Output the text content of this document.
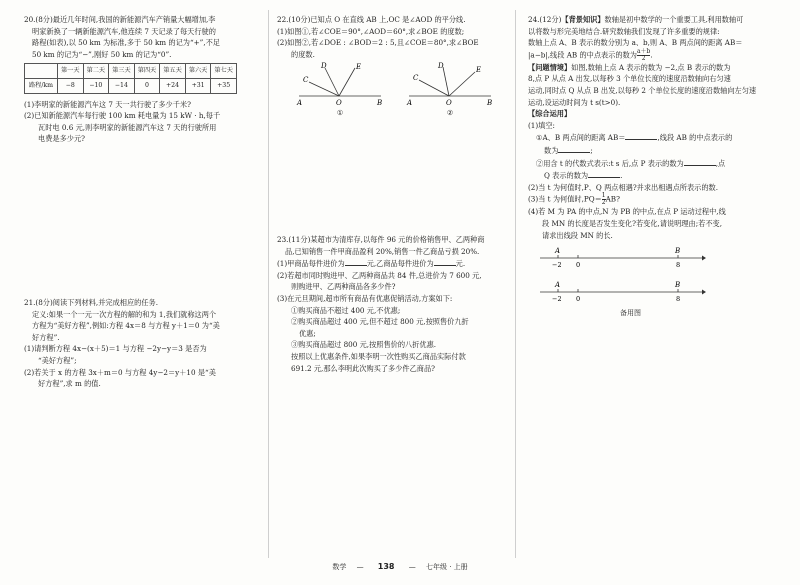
20.(8分)最近几年时间,我国的新能源汽车产销量大幅增加,李

明家新换了一辆新能源汽车,他连续 7 天记录了每天行驶的

路程(如表),以 50 km 为标准,多于 50 km 的记为“+”,不足

50 km 的记为“−”,刚好 50 km 的记为“0”.

	第一天	第二天	第三天	第四天	第五天	第六天	第七天
路程/km	−8	−10	−14	0	+24	+31	+35

(1)李明家的新能源汽车这 7 天一共行驶了多少千米?

(2)已知新能源汽车每行驶 100 km 耗电量为 15 kW · h,每千

瓦时电 0.6 元,则李明家的新能源汽车这 7 天的行驶所用

电费是多少元?

21.(8分)阅读下列材料,并完成相应的任务.

定义:如果一个一元一次方程的解的和为 1,我们就称这两个

方程为“美好方程”,例如:方程 4x＝8 与方程 y＋1＝0 为“美

好方程”.

(1)请判断方程 4x−(x＋5)＝1 与方程 −2y−y＝3 是否为

“美好方程”;

(2)若关于 x 的方程 3x＋m＝0 与方程 4y−2＝y＋10 是“美

好方程”,求 m 的值.

22.(10分)已知点 O 在直线 AB 上,OC 是∠AOD 的平分线.

(1)如图①,若∠COE＝90°,∠AOD＝60°,求∠BOE 的度数;

(2)如图②,若∠DOE : ∠BOD＝2 : 5,且∠COE＝80°,求∠BOE

的度数.

A	B
C
D	E
O
①
A	B
C
D	E
O
②

23.(11分)某超市为清库存,以每件 96 元的价格销售甲、乙两种商

品,已知销售一件甲商品盈利 20%,销售一件乙商品亏损 20%.

(1)甲商品每件进价为	元,乙商品每件进价为	元.

(2)若超市同时购进甲、乙两种商品共 84 件,总进价为 7 600 元,

则购进甲、乙两种商品各多少件?

(3)在元旦期间,超市所有商品有优惠促销活动,方案如下:

①购买商品不超过 400 元,不优惠;

②购买商品超过 400 元,但不超过 800 元,按照售价九折

优惠;

③购买商品超过 800 元,按照售价的八折优惠.

按照以上优惠条件,如果李明一次性购买乙商品实际付款

691.2 元,那么李明此次购买了多少件乙商品?

24.(12分)【背景知识】数轴是初中数学的一个重要工具,利用数轴可

以将数与形完美地结合.研究数轴我们发现了许多重要的规律:

数轴上点 A、B 表示的数分别为 a、b,则 A、B 两点间的距离 AB＝

|a−b|,线段 AB 的中点表示的数为 $\frac{a+b}{2}$ .

【问题情境】如图,数轴上点 A 表示的数为 −2,点 B 表示的数为

8,点 P 从点 A 出发,以每秒 3 个单位长度的速度沿数轴向右匀速

运动,同时点 Q 从点 B 出发,以每秒 2 个单位长度的速度沿数轴向左匀速

运动,设运动时间为 t s(t>0).

【综合运用】

(1)填空:

①A、B 两点间的距离 AB＝	,线段 AB 的中点表示的

数为	;

②用含 t 的代数式表示:t s 后,点 P 表示的数为	,点

Q 表示的数为	.

(2)当 t 为何值时,P、Q 两点相遇?并求出相遇点所表示的数.

(3)当 t 为何值时$,PQ= \frac{1}{2}$ AB?

(4)若 M 为 PA 的中点,N 为 PB 的中点,在点 P 运动过程中,线

段 MN 的长度是否发生变化?若变化,请说明理由;若不变,

请求出线段 MN 的长.

A	B
−2 0	8
A	B
−2 0	8
备用图
数学 — 138 — 七年级 · 上册
